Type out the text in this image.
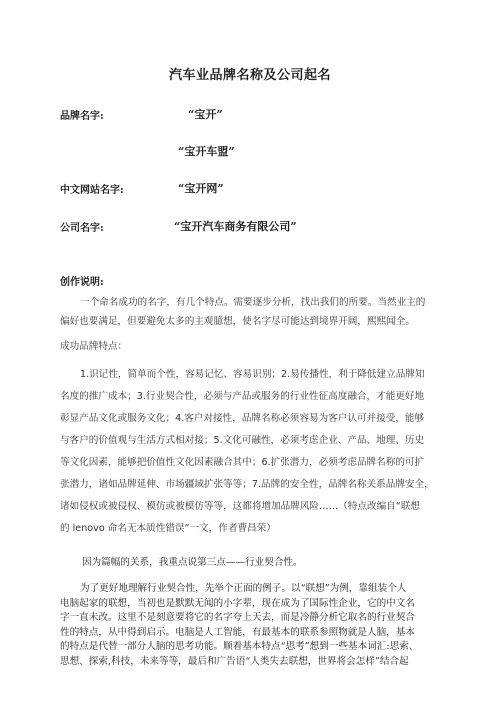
汽车业品牌名称及公司起名
品牌名字:	“宝开”
“宝开车盟”
中文网站名字:	“宝开网”
公司名字:	“宝开汽车商务有限公司”
创作说明:
一个命名成功的名字，有几个特点。需要逐步分析，找出我们的所要。当然业主的
偏好也要满足，但要避免太多的主观臆想，使名字尽可能达到境界开阔，熙熙闻全。
成功品牌特点：
1.识记性，简单而个性，容易记忆、容易识别；2.易传播性，利于降低建立品牌知
名度的推广成本；3.行业契合性，必须与产品或服务的行业性征高度融合，才能更好地
彰显产品文化或服务文化；4.客户对接性，品牌名称必须容易为客户认可并接受，能够
与客户的价值观与生活方式相对接；5.文化可融性，必须考虑企业、产品、地理、历史
等文化因素，能够把价值性文化因素融合其中；6.扩张潜力，必须考虑品牌名称的可扩
张潜力，诸如品牌延伸、市场疆域扩张等等；7.品牌的安全性，品牌名称关系品牌安全，
诸如侵权或被侵权、模仿或被模仿等等，这都将增加品牌风险……（特点改编自“联想
的 lenovo 命名无本质性错误”一文，作者曹昌荣）
因为篇幅的关系，我重点说第三点——行业契合性。
为了更好地理解行业契合性，先举个正面的例子。以“联想”为例，靠组装个人
电脑起家的联想，当初也是默默无闻的小字辈，现在成为了国际性企业，它的中文名
字一直未改。这里不是刻意要将它的名字夸上天去，而是冷静分析它取名的行业契合
性的特点，从中得到启示。电脑是人工智能，有最基本的联系参照物就是人脑，基本
的特点是代替一部分人脑的思考功能。顺着基本特点“思考”想到一些基本词汇:思索、
思想、探索,科技，未来等等，最后和广告语“人类失去联想，世界将会怎样”结合起
